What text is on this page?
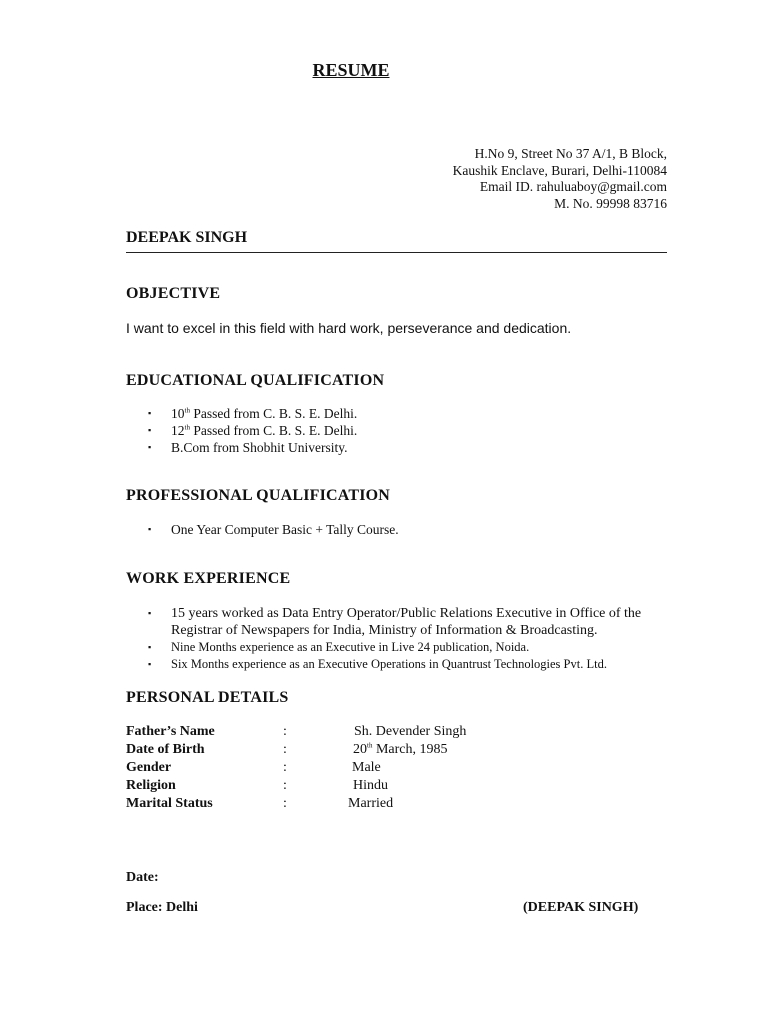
RESUME
H.No 9, Street No 37 A/1, B Block,
Kaushik Enclave, Burari, Delhi-110084
Email ID. rahuluaboy@gmail.com
M. No. 99998 83716
DEEPAK SINGH
OBJECTIVE
I want to excel in this field with hard work, perseverance and dedication.
EDUCATIONAL QUALIFICATION
▪ 10th Passed from C. B. S. E. Delhi.
▪ 12th Passed from C. B. S. E. Delhi.
▪ B.Com from Shobhit University.
PROFESSIONAL QUALIFICATION
▪ One Year Computer Basic + Tally Course.
WORK EXPERIENCE
▪ 15 years worked as Data Entry Operator/Public Relations Executive in Office of the Registrar of Newspapers for India, Ministry of Information & Broadcasting.
▪ Nine Months experience as an Executive in Live 24 publication, Noida.
▪ Six Months experience as an Executive Operations in Quantrust Technologies Pvt. Ltd.
PERSONAL DETAILS
Father’s Name	:	Sh. Devender Singh
Date of Birth	:	20th March, 1985
Gender	:	Male
Religion	:	Hindu
Marital Status	:	Married
Date:
Place: Delhi	(DEEPAK SINGH)
